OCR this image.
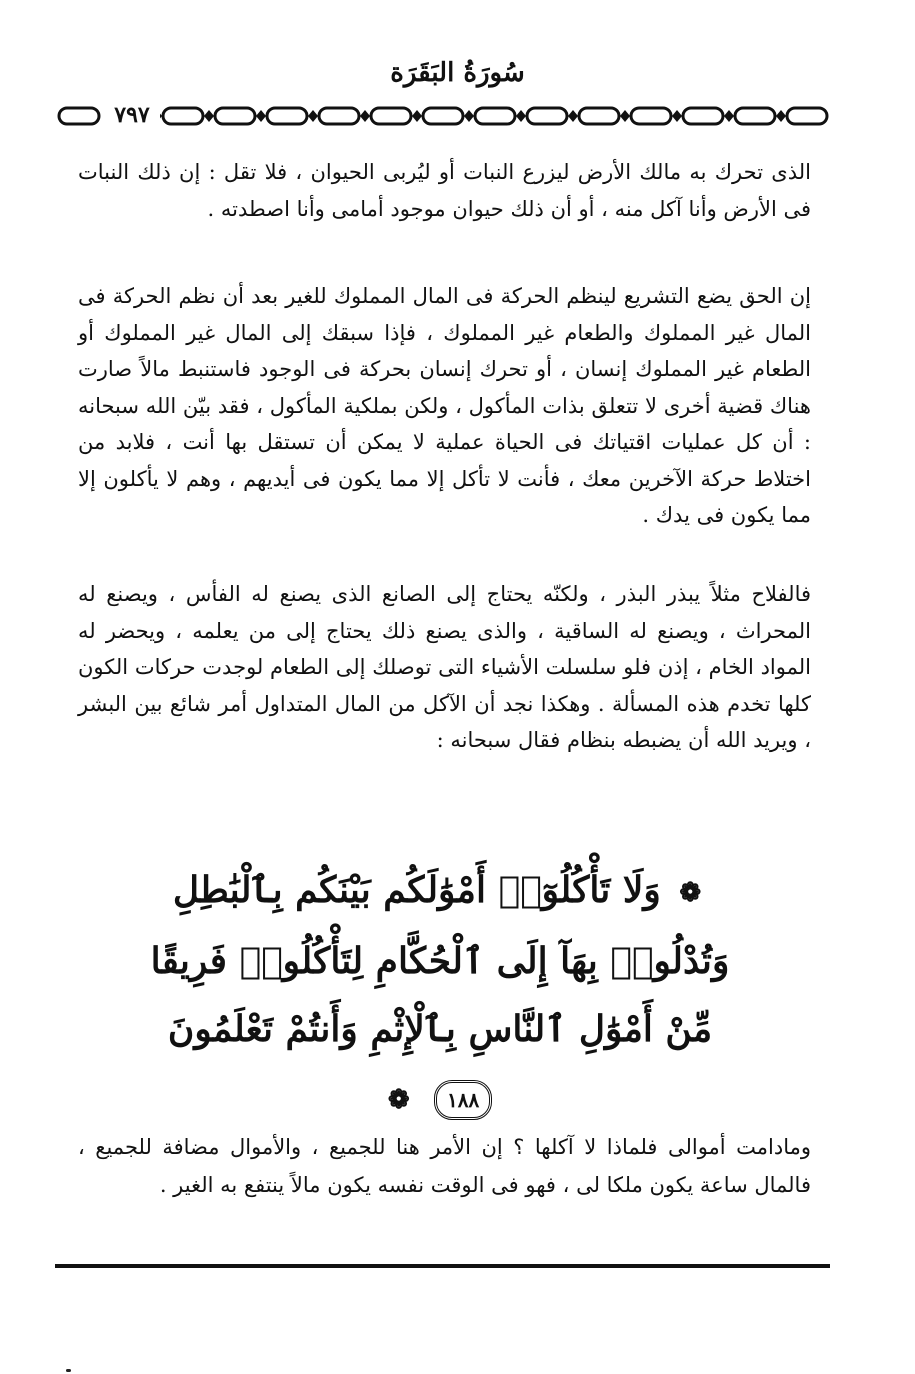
سُورَةُ البَقَرَة
٧٩٧

الذى تحرك به مالك الأرض ليزرع النبات أو ليُربى الحيوان ، فلا تقل : إن ذلك النبات فى الأرض وأنا آكل منه ، أو أن ذلك حيوان موجود أمامى وأنا اصطدته .

إن الحق يضع التشريع لينظم الحركة فى المال المملوك للغير بعد أن نظم الحركة فى المال غير المملوك والطعام غير المملوك ، فإذا سبقك إلى المال غير المملوك أو الطعام غير المملوك إنسان ، أو تحرك إنسان بحركة فى الوجود فاستنبط مالاً صارت هناك قضية أخرى لا تتعلق بذات المأكول ، ولكن بملكية المأكول ، فقد بيّن الله سبحانه : أن كل عمليات اقتياتك فى الحياة عملية لا يمكن أن تستقل بها أنت ، فلابد من اختلاط حركة الآخرين معك ، فأنت لا تأكل إلا مما يكون فى أيديهم ، وهم لا يأكلون إلا مما يكون فى يدك .

فالفلاح مثلاً يبذر البذر ، ولكنّه يحتاج إلى الصانع الذى يصنع له الفأس ، ويصنع له المحراث ، ويصنع له الساقية ، والذى يصنع ذلك يحتاج إلى من يعلمه ، ويحضر له المواد الخام ، إذن فلو سلسلت الأشياء التى توصلك إلى الطعام لوجدت حركات الكون كلها تخدم هذه المسألة . وهكذا نجد أن الآكل من المال المتداول أمر شائع بين البشر ، ويريد الله أن يضبطه بنظام فقال سبحانه :

❁ وَلَا تَأْكُلُوٓا۟ أَمْوَٰلَكُم بَيْنَكُم بِٱلْبَٰطِلِ وَتُدْلُوا۟ بِهَآ إِلَى ٱلْحُكَّامِ لِتَأْكُلُوا۟ فَرِيقًا مِّنْ أَمْوَٰلِ ٱلنَّاسِ بِٱلْإِثْمِ وَأَنتُمْ تَعْلَمُونَ ١٨٨ ❁

ومادامت أموالى فلماذا لا آكلها ؟ إن الأمر هنا للجميع ، والأموال مضافة للجميع ، فالمال ساعة يكون ملكا لى ، فهو فى الوقت نفسه يكون مالاً ينتفع به الغير .
